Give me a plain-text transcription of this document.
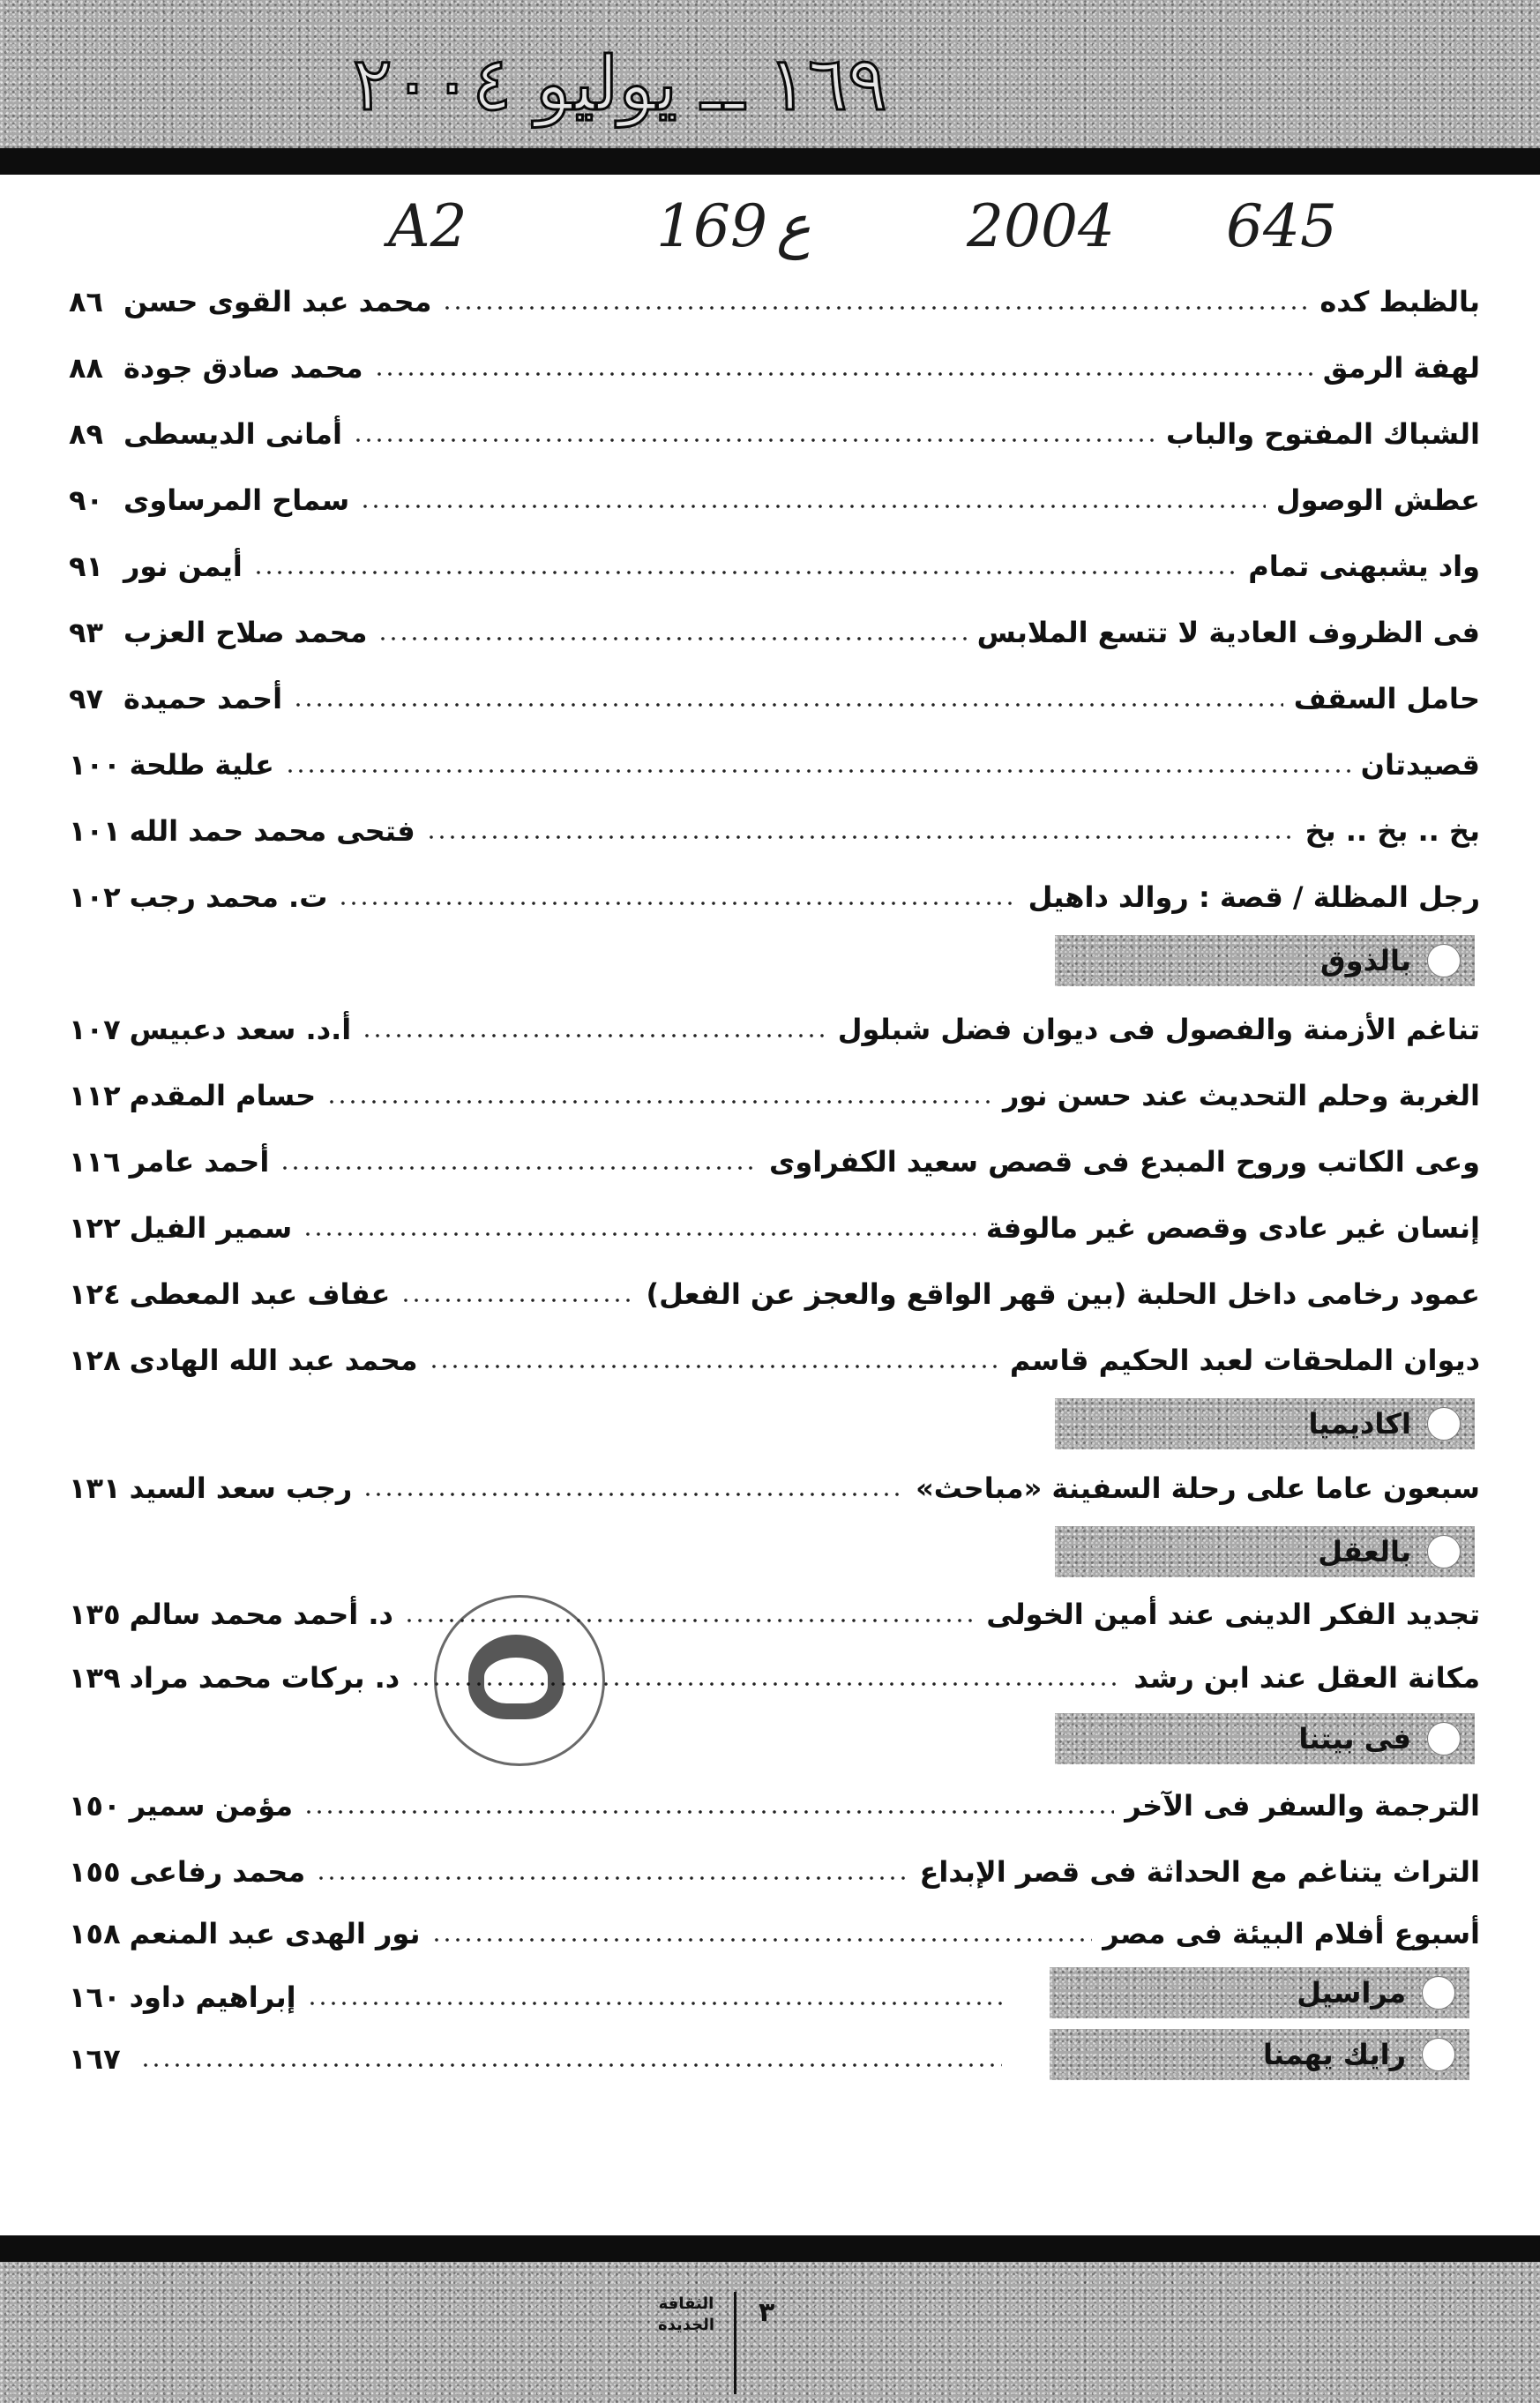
١٦٩ ــ يوليو ٢٠٠٤
A2	169 ع	2004 645
بالظبط كده
محمد عبد القوى حسن
٨٦
لهفة الرمق
محمد صادق جودة
٨٨
الشباك المفتوح والباب
أمانى الديسطى
٨٩
عطش الوصول
سماح المرساوى
٩٠
واد يشبهنى تمام
أيمن نور
٩١
فى الظروف العادية لا تتسع الملابس
محمد صلاح العزب
٩٣
حامل السقف
أحمد حميدة
٩٧
قصيدتان
علية طلحة
١٠٠
بخ .. بخ .. بخ
فتحى محمد حمد الله
١٠١
رجل المظلة / قصة : روالد داهيل
ت. محمد رجب
١٠٢
بالذوق
تناغم الأزمنة والفصول فى ديوان فضل شبلول
أ.د. سعد دعبيس
١٠٧
الغربة وحلم التحديث عند حسن نور
حسام المقدم
١١٢
وعى الكاتب وروح المبدع فى قصص سعيد الكفراوى
أحمد عامر
١١٦
إنسان غير عادى وقصص غير مالوفة
سمير الفيل
١٢٢
عمود رخامى داخل الحلبة (بين قهر الواقع والعجز عن الفعل)
عفاف عبد المعطى
١٢٤
ديوان الملحقات لعبد الحكيم قاسم
محمد عبد الله الهادى
١٢٨
اكاديميا
سبعون عاما على رحلة السفينة «مباحث»
رجب سعد السيد
١٣١
بالعقل
تجديد الفكر الدينى عند أمين الخولى
د. أحمد محمد سالم
١٣٥
مكانة العقل عند ابن رشد
د. بركات محمد مراد
١٣٩
فى بيتنا
الترجمة والسفر فى الآخر
مؤمن سمير
١٥٠
التراث يتناغم مع الحداثة فى قصر الإبداع
محمد رفاعى
١٥٥
أسبوع أفلام البيئة فى مصر
نور الهدى عبد المنعم
١٥٨
مراسيل
إبراهيم داود
١٦٠
رايك يهمنا
١٦٧
٣
الثقافة
الجديدة
